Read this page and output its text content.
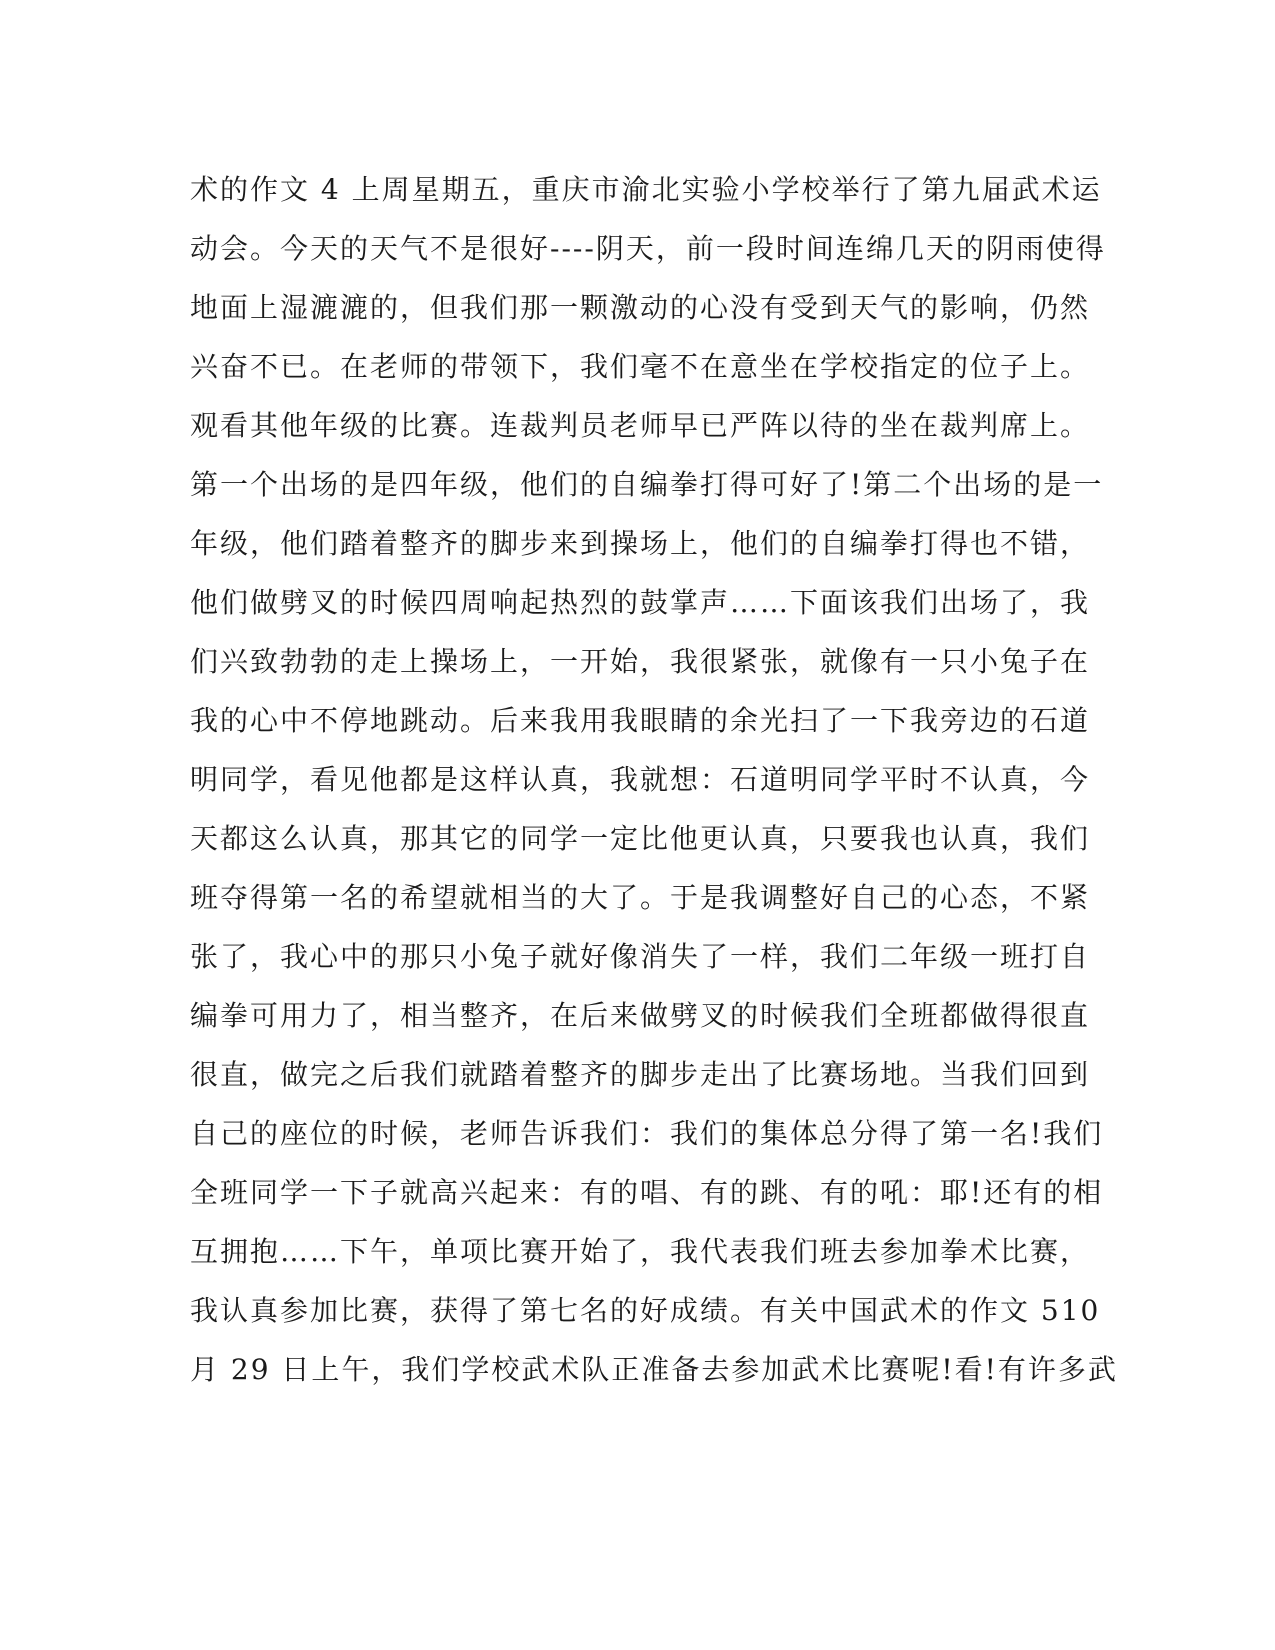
术的作文 4 上周星期五，重庆市渝北实验小学校举行了第九届武术运
动会。今天的天气不是很好----阴天，前一段时间连绵几天的阴雨使得
地面上湿漉漉的，但我们那一颗激动的心没有受到天气的影响，仍然
兴奋不已。在老师的带领下，我们毫不在意坐在学校指定的位子上。
观看其他年级的比赛。连裁判员老师早已严阵以待的坐在裁判席上。
第一个出场的是四年级，他们的自编拳打得可好了!第二个出场的是一
年级，他们踏着整齐的脚步来到操场上，他们的自编拳打得也不错，
他们做劈叉的时候四周响起热烈的鼓掌声……下面该我们出场了，我
们兴致勃勃的走上操场上，一开始，我很紧张，就像有一只小兔子在
我的心中不停地跳动。后来我用我眼睛的余光扫了一下我旁边的石道
明同学，看见他都是这样认真，我就想：石道明同学平时不认真，今
天都这么认真，那其它的同学一定比他更认真，只要我也认真，我们
班夺得第一名的希望就相当的大了。于是我调整好自己的心态，不紧
张了，我心中的那只小兔子就好像消失了一样，我们二年级一班打自
编拳可用力了，相当整齐，在后来做劈叉的时候我们全班都做得很直
很直，做完之后我们就踏着整齐的脚步走出了比赛场地。当我们回到
自己的座位的时候，老师告诉我们：我们的集体总分得了第一名!我们
全班同学一下子就高兴起来：有的唱、有的跳、有的吼：耶!还有的相
互拥抱……下午，单项比赛开始了，我代表我们班去参加拳术比赛，
我认真参加比赛，获得了第七名的好成绩。有关中国武术的作文 510
月 29 日上午，我们学校武术队正准备去参加武术比赛呢!看!有许多武
